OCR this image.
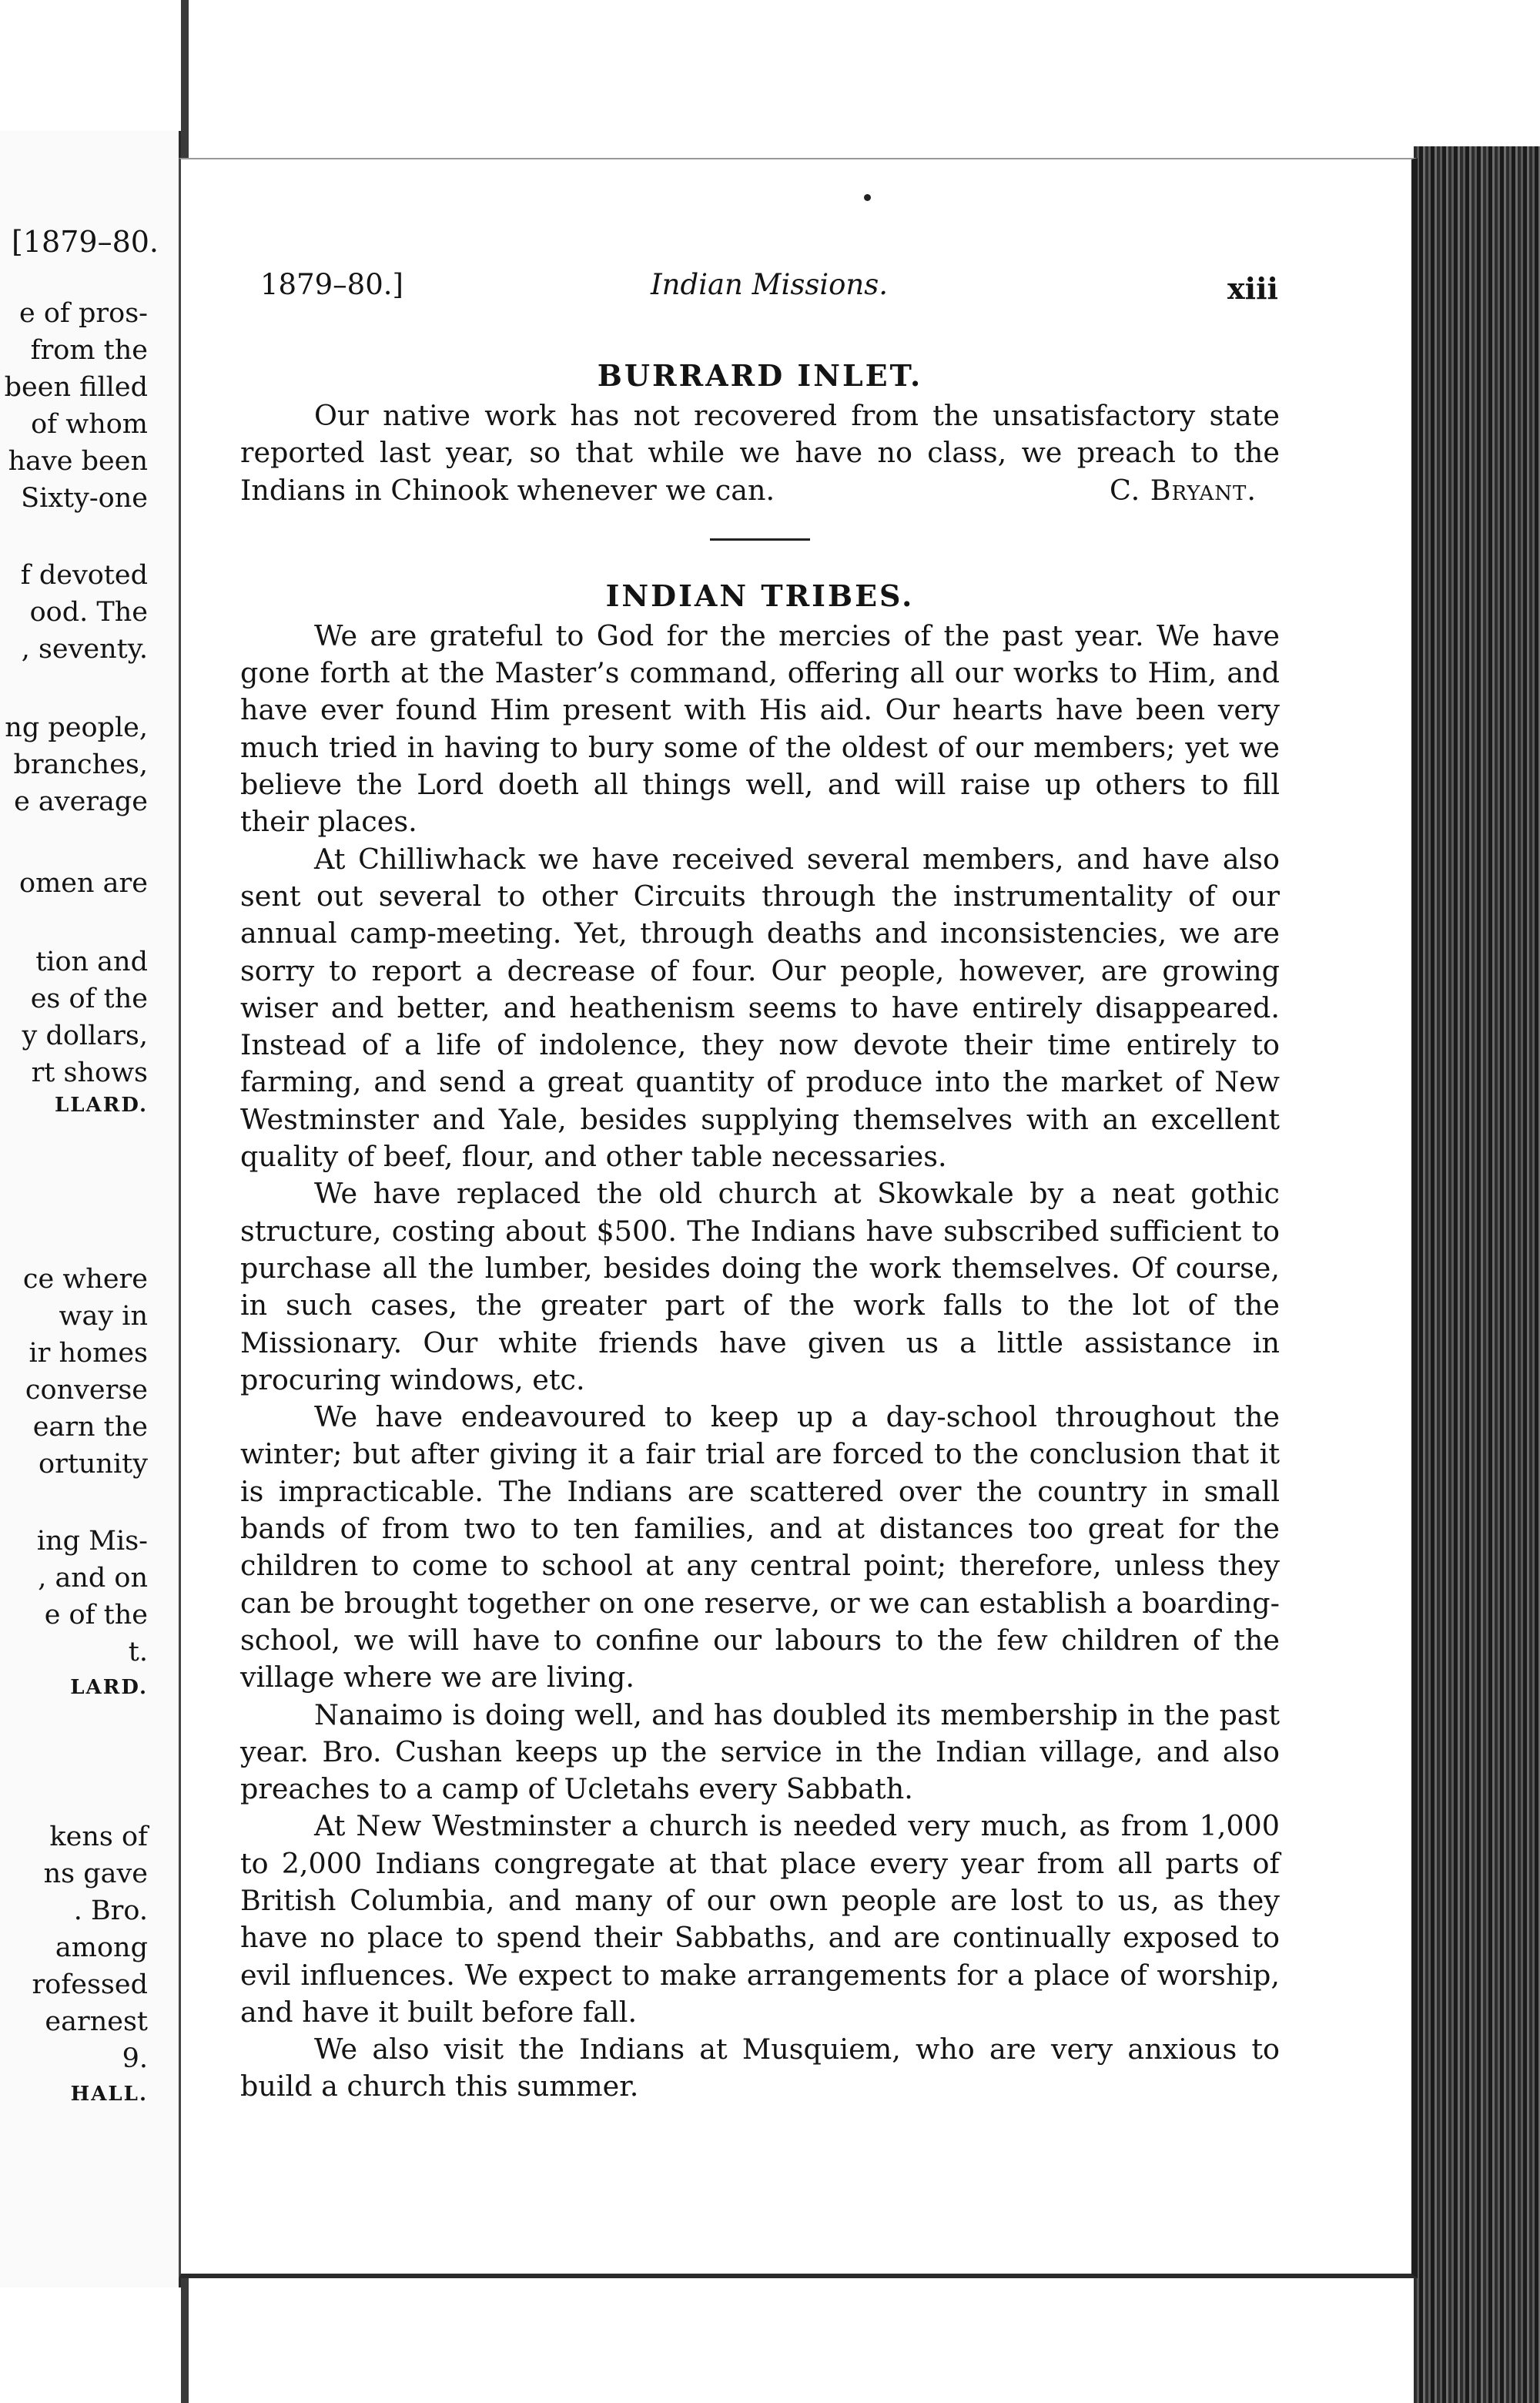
[1879–80.
e of pros-
from the
been filled
of whom
have been
Sixty-one
f devoted
ood. The
, seventy.
ng people,
branches,
e average
omen are
tion and
es of the
y dollars,
rt shows
LLARD.
ce where
way in
ir homes
converse
earn the
ortunity
ing Mis-
, and on
e of the
t.
LARD.
kens of
ns gave
. Bro.
among
rofessed
earnest
9.
HALL.
1879–80.]	Indian Missions.	xiii
BURRARD INLET.

Our native work has not recovered from the unsatisfactory state reported last year, so that while we have no class, we preach to the Indians in Chinook whenever we can.	C. Bryant.

INDIAN TRIBES.

We are grateful to God for the mercies of the past year. We have gone forth at the Master’s command, offering all our works to Him, and have ever found Him present with His aid. Our hearts have been very much tried in having to bury some of the oldest of our members; yet we believe the Lord doeth all things well, and will raise up others to fill their places.

At Chilliwhack we have received several members, and have also sent out several to other Circuits through the instrumentality of our annual camp-meeting. Yet, through deaths and inconsistencies, we are sorry to report a decrease of four. Our people, however, are growing wiser and better, and heathenism seems to have entirely disappeared. Instead of a life of indolence, they now devote their time entirely to farming, and send a great quantity of produce into the market of New Westminster and Yale, besides supplying themselves with an excellent quality of beef, flour, and other table necessaries.

We have replaced the old church at Skowkale by a neat gothic structure, costing about $500. The Indians have subscribed sufficient to purchase all the lumber, besides doing the work themselves. Of course, in such cases, the greater part of the work falls to the lot of the Missionary. Our white friends have given us a little assistance in procuring windows, etc.

We have endeavoured to keep up a day-school throughout the winter; but after giving it a fair trial are forced to the conclusion that it is impracticable. The Indians are scattered over the country in small bands of from two to ten families, and at distances too great for the children to come to school at any central point; therefore, unless they can be brought together on one reserve, or we can establish a boarding-school, we will have to confine our labours to the few children of the village where we are living.

Nanaimo is doing well, and has doubled its membership in the past year. Bro. Cushan keeps up the service in the Indian village, and also preaches to a camp of Ucletahs every Sabbath.

At New Westminster a church is needed very much, as from 1,000 to 2,000 Indians congregate at that place every year from all parts of British Columbia, and many of our own people are lost to us, as they have no place to spend their Sabbaths, and are continually exposed to evil influences. We expect to make arrangements for a place of worship, and have it built before fall.

We also visit the Indians at Musquiem, who are very anxious to build a church this summer.
